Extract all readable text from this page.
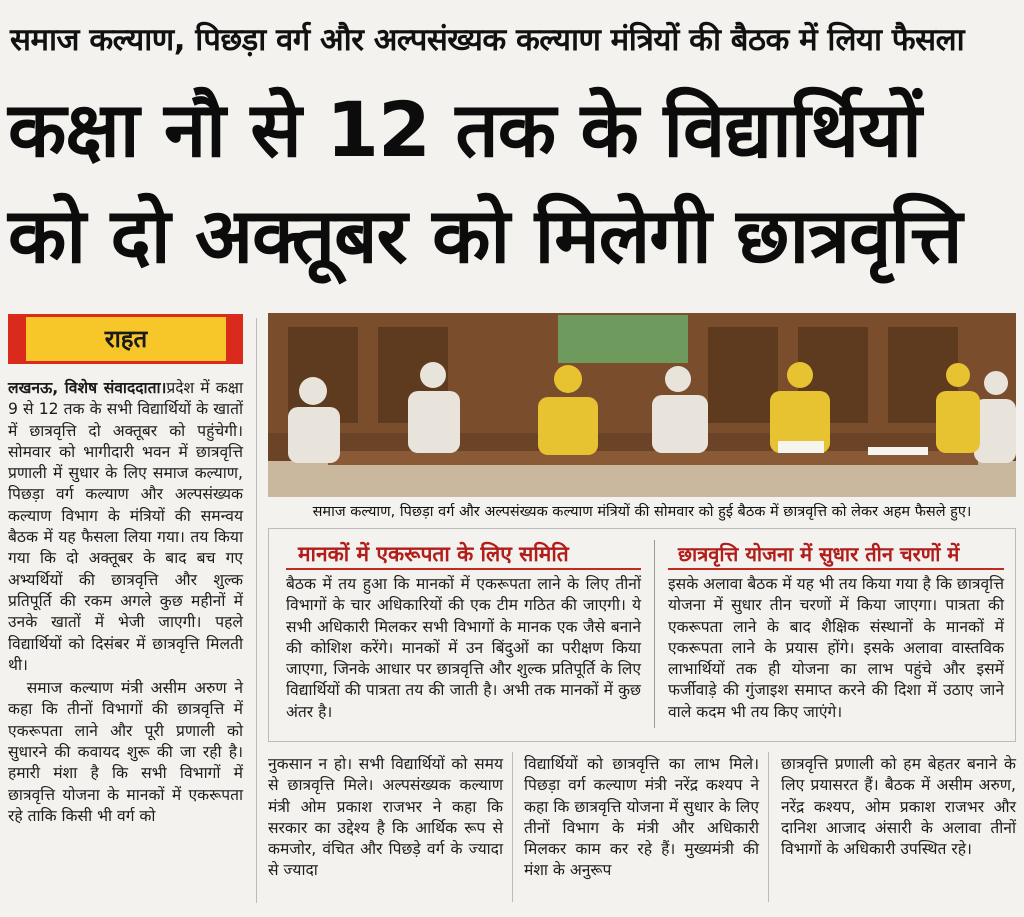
समाज कल्याण, पिछड़ा वर्ग और अल्पसंख्यक कल्याण मंत्रियों की बैठक में लिया फैसला
कक्षा नौ से 12 तक के विद्यार्थियों
को दो अक्तूबर को मिलेगी छात्रवृत्ति
राहत

लखनऊ, विशेष संवाददाता।प्रदेश में कक्षा 9 से 12 तक के सभी विद्यार्थियों के खातों में छात्रवृत्ति दो अक्तूबर को पहुंचेगी। सोमवार को भागीदारी भवन में छात्रवृत्ति प्रणाली में सुधार के लिए समाज कल्याण, पिछड़ा वर्ग कल्याण और अल्पसंख्यक कल्याण विभाग के मंत्रियों की समन्वय बैठक में यह फैसला लिया गया। तय किया गया कि दो अक्तूबर के बाद बच गए अभ्यर्थियों की छात्रवृत्ति और शुल्क प्रतिपूर्ति की रकम अगले कुछ महीनों में उनके खातों में भेजी जाएगी। पहले विद्यार्थियों को दिसंबर में छात्रवृत्ति मिलती थी।

समाज कल्याण मंत्री असीम अरुण ने कहा कि तीनों विभागों की छात्रवृत्ति में एकरूपता लाने और पूरी प्रणाली को सुधारने की कवायद शुरू की जा रही है। हमारी मंशा है कि सभी विभागों में छात्रवृत्ति योजना के मानकों में एकरूपता रहे ताकि किसी भी वर्ग को

समाज कल्याण, पिछड़ा वर्ग और अल्पसंख्यक कल्याण मंत्रियों की सोमवार को हुई बैठक में छात्रवृत्ति को लेकर अहम फैसले हुए।
मानकों में एकरूपता के लिए समिति
बैठक में तय हुआ कि मानकों में एकरूपता लाने के लिए तीनों विभागों के चार अधिकारियों की एक टीम गठित की जाएगी। ये सभी अधिकारी मिलकर सभी विभागों के मानक एक जैसे बनाने की कोशिश करेंगे। मानकों में उन बिंदुओं का परीक्षण किया जाएगा, जिनके आधार पर छात्रवृत्ति और शुल्क प्रतिपूर्ति के लिए विद्यार्थियों की पात्रता तय की जाती है। अभी तक मानकों में कुछ अंतर है।
छात्रवृत्ति योजना में सुधार तीन चरणों में
इसके अलावा बैठक में यह भी तय किया गया है कि छात्रवृत्ति योजना में सुधार तीन चरणों में किया जाएगा। पात्रता की एकरूपता लाने के बाद शैक्षिक संस्थानों के मानकों में एकरूपता लाने के प्रयास होंगे। इसके अलावा वास्तविक लाभार्थियों तक ही योजना का लाभ पहुंचे और इसमें फर्जीवाड़े की गुंजाइश समाप्त करने की दिशा में उठाए जाने वाले कदम भी तय किए जाएंगे।
नुकसान न हो। सभी विद्यार्थियों को समय से छात्रवृत्ति मिले। अल्पसंख्यक कल्याण मंत्री ओम प्रकाश राजभर ने कहा कि सरकार का उद्देश्य है कि आर्थिक रूप से कमजोर, वंचित और पिछड़े वर्ग के ज्यादा से ज्यादा
विद्यार्थियों को छात्रवृत्ति का लाभ मिले। पिछड़ा वर्ग कल्याण मंत्री नरेंद्र कश्यप ने कहा कि छात्रवृत्ति योजना में सुधार के लिए तीनों विभाग के मंत्री और अधिकारी मिलकर काम कर रहे हैं। मुख्यमंत्री की मंशा के अनुरूप
छात्रवृत्ति प्रणाली को हम बेहतर बनाने के लिए प्रयासरत हैं। बैठक में असीम अरुण, नरेंद्र कश्यप, ओम प्रकाश राजभर और दानिश आजाद अंसारी के अलावा तीनों विभागों के अधिकारी उपस्थित रहे।
